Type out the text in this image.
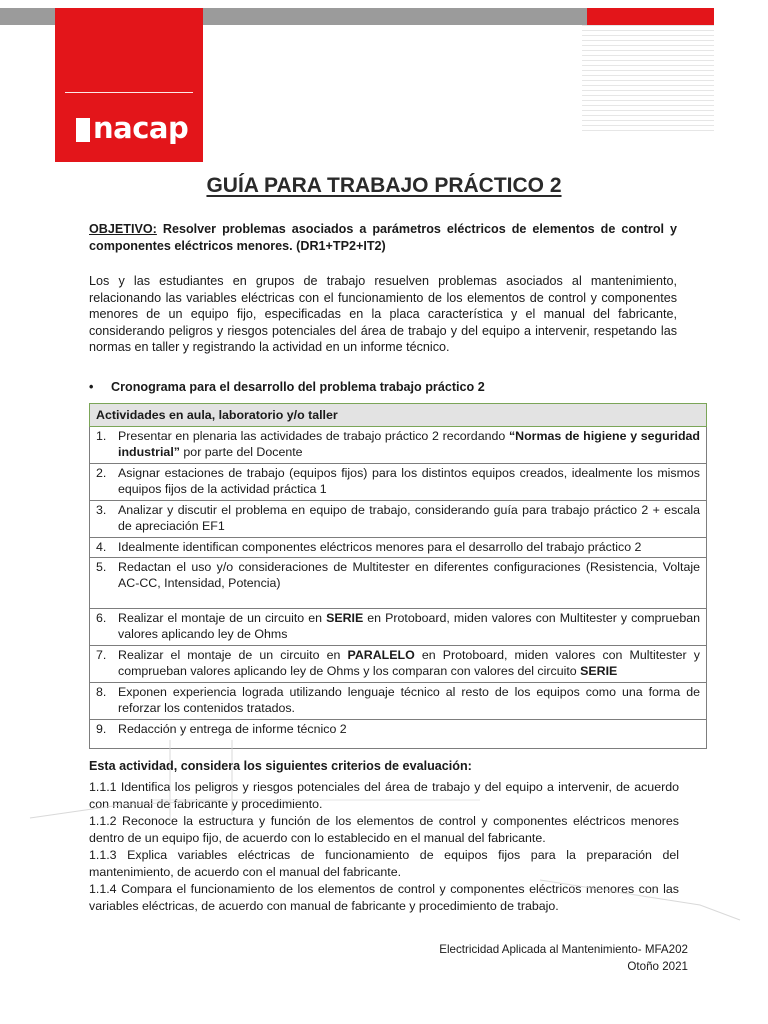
nacap
GUÍA PARA TRABAJO PRÁCTICO 2
OBJETIVO: Resolver problemas asociados a parámetros eléctricos de elementos de control y componentes eléctricos menores. (DR1+TP2+IT2)
Los y las estudiantes en grupos de trabajo resuelven problemas asociados al mantenimiento, relacionando las variables eléctricas con el funcionamiento de los elementos de control y componentes menores de un equipo fijo, especificadas en la placa característica y el manual del fabricante, considerando peligros y riesgos potenciales del área de trabajo y del equipo a intervenir, respetando las normas en taller y registrando la actividad en un informe técnico.
• Cronograma para el desarrollo del problema trabajo práctico 2
Actividades en aula, laboratorio y/o taller

1. Presentar en plenaria las actividades de trabajo práctico 2 recordando “Normas de higiene y seguridad industrial” por parte del Docente

2. Asignar estaciones de trabajo (equipos fijos) para los distintos equipos creados, idealmente los mismos equipos fijos de la actividad práctica 1

3. Analizar y discutir el problema en equipo de trabajo, considerando guía para trabajo práctico 2 + escala de apreciación EF1

4. Idealmente identifican componentes eléctricos menores para el desarrollo del trabajo práctico 2

5. Redactan el uso y/o consideraciones de Multitester en diferentes configuraciones (Resistencia, Voltaje AC-CC, Intensidad, Potencia)

6. Realizar el montaje de un circuito en SERIE en Protoboard, miden valores con Multitester y comprueban valores aplicando ley de Ohms

7. Realizar el montaje de un circuito en PARALELO en Protoboard, miden valores con Multitester y comprueban valores aplicando ley de Ohms y los comparan con valores del circuito SERIE

8. Exponen experiencia lograda utilizando lenguaje técnico al resto de los equipos como una forma de reforzar los contenidos tratados.

9. Redacción y entrega de informe técnico 2
Esta actividad, considera los siguientes criterios de evaluación:
1.1.1 Identifica los peligros y riesgos potenciales del área de trabajo y del equipo a intervenir, de acuerdo con manual de fabricante y procedimiento.
1.1.2 Reconoce la estructura y función de los elementos de control y componentes eléctricos menores dentro de un equipo fijo, de acuerdo con lo establecido en el manual del fabricante.
1.1.3 Explica variables eléctricas de funcionamiento de equipos fijos para la preparación del mantenimiento, de acuerdo con el manual del fabricante.
1.1.4 Compara el funcionamiento de los elementos de control y componentes eléctricos menores con las variables eléctricas, de acuerdo con manual de fabricante y procedimiento de trabajo.
Electricidad Aplicada al Mantenimiento- MFA202
Otoño 2021
